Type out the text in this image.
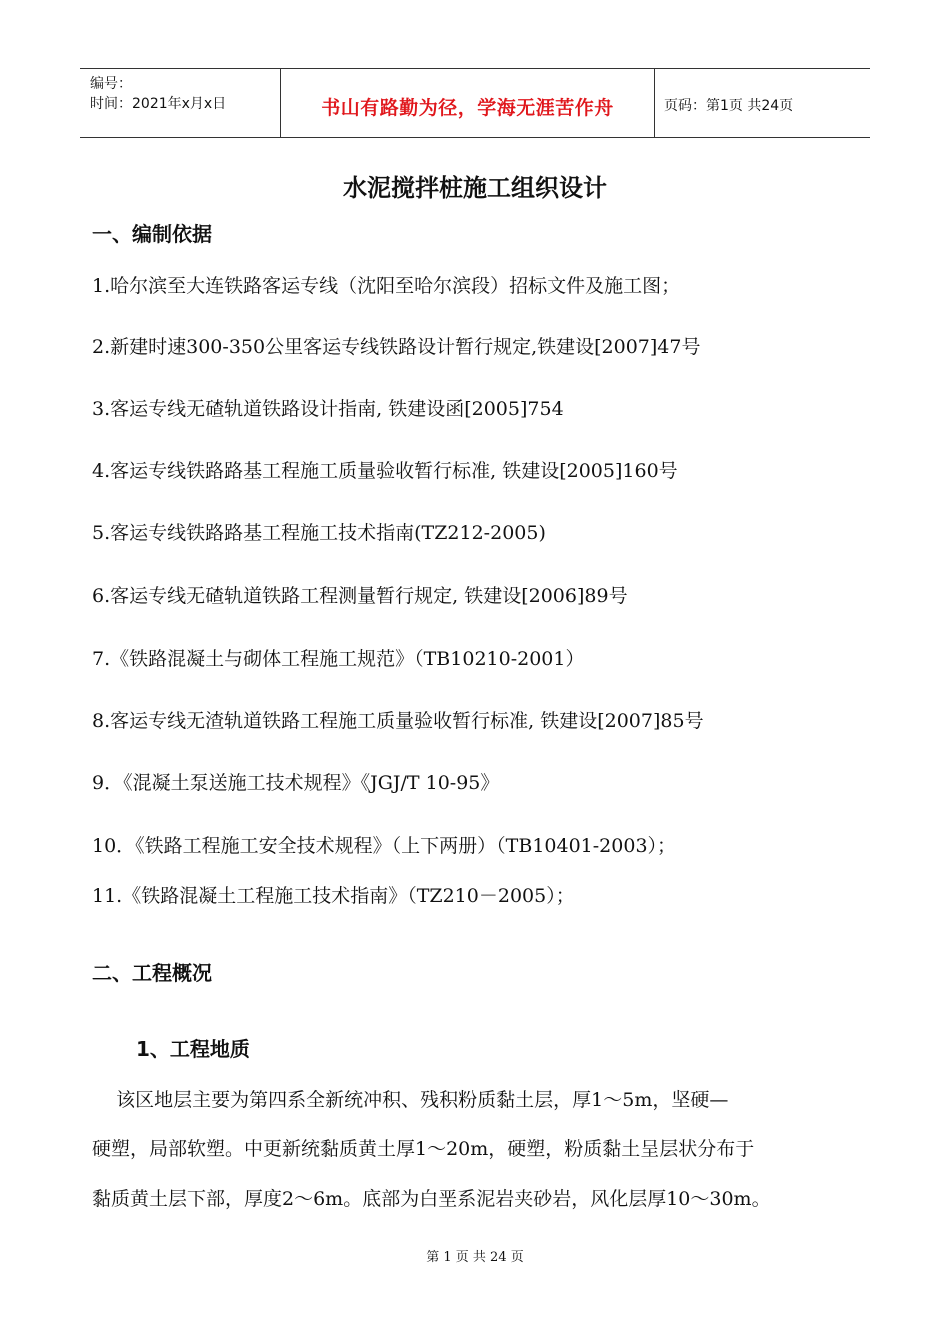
编号：
时间：2021年x月x日	书山有路勤为径，学海无涯苦作舟	页码：第1页 共24页
水泥搅拌桩施工组织设计
一、编制依据
1.哈尔滨至大连铁路客运专线（沈阳至哈尔滨段）招标文件及施工图；
2.新建时速300-350公里客运专线铁路设计暂行规定,铁建设[2007]47号
3.客运专线无碴轨道铁路设计指南, 铁建设函[2005]754
4.客运专线铁路路基工程施工质量验收暂行标准, 铁建设[2005]160号
5.客运专线铁路路基工程施工技术指南(TZ212-2005)
6.客运专线无碴轨道铁路工程测量暂行规定, 铁建设[2006]89号
7.《铁路混凝土与砌体工程施工规范》（TB10210-2001）
8.客运专线无渣轨道铁路工程施工质量验收暂行标准, 铁建设[2007]85号
9．《混凝土泵送施工技术规程》《JGJ/T 10-95》
10．《铁路工程施工安全技术规程》（上下两册）（TB10401-2003）；
11.《铁路混凝土工程施工技术指南》（TZ210－2005）；
二、工程概况
1、工程地质
该区地层主要为第四系全新统冲积、残积粉质黏土层，厚1～5m，坚硬—
硬塑，局部软塑。中更新统黏质黄土厚1～20m，硬塑，粉质黏土呈层状分布于
黏质黄土层下部，厚度2～6m。底部为白垩系泥岩夹砂岩，风化层厚10～30m。
第 1 页 共 24 页
